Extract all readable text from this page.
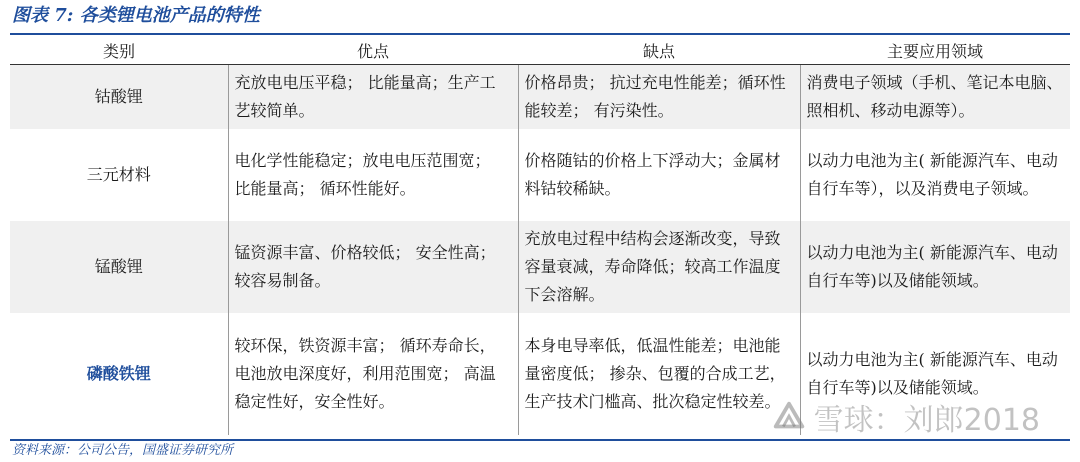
图表 7: 各类锂电池产品的特性
类别	优点	缺点	主要应用领域
钴酸锂	充放电电压平稳； 比能量高；生产工艺较简单。	价格昂贵； 抗过充电性能差；循环性能较差； 有污染性。	消费电子领域（手机、笔记本电脑、照相机、移动电源等）。
三元材料	电化学性能稳定；放电电压范围宽； 比能量高； 循环性能好。	价格随钴的价格上下浮动大；金属材料钴较稀缺。	以动力电池为主( 新能源汽车、电动自行车等），以及消费电子领域。
锰酸锂	锰资源丰富、价格较低； 安全性高； 较容易制备。	充放电过程中结构会逐渐改变，导致容量衰减，寿命降低；较高工作温度下会溶解。	以动力电池为主( 新能源汽车、电动自行车等)以及储能领域。
磷酸铁锂	较环保，铁资源丰富； 循环寿命长，电池放电深度好，利用范围宽； 高温稳定性好，安全性好。	本身电导率低，低温性能差；电池能量密度低； 掺杂、包覆的合成工艺，生产技术门槛高、批次稳定性较差。	以动力电池为主( 新能源汽车、电动自行车等)以及储能领域。
资料来源：公司公告，国盛证券研究所
雪球：刘郎2018
